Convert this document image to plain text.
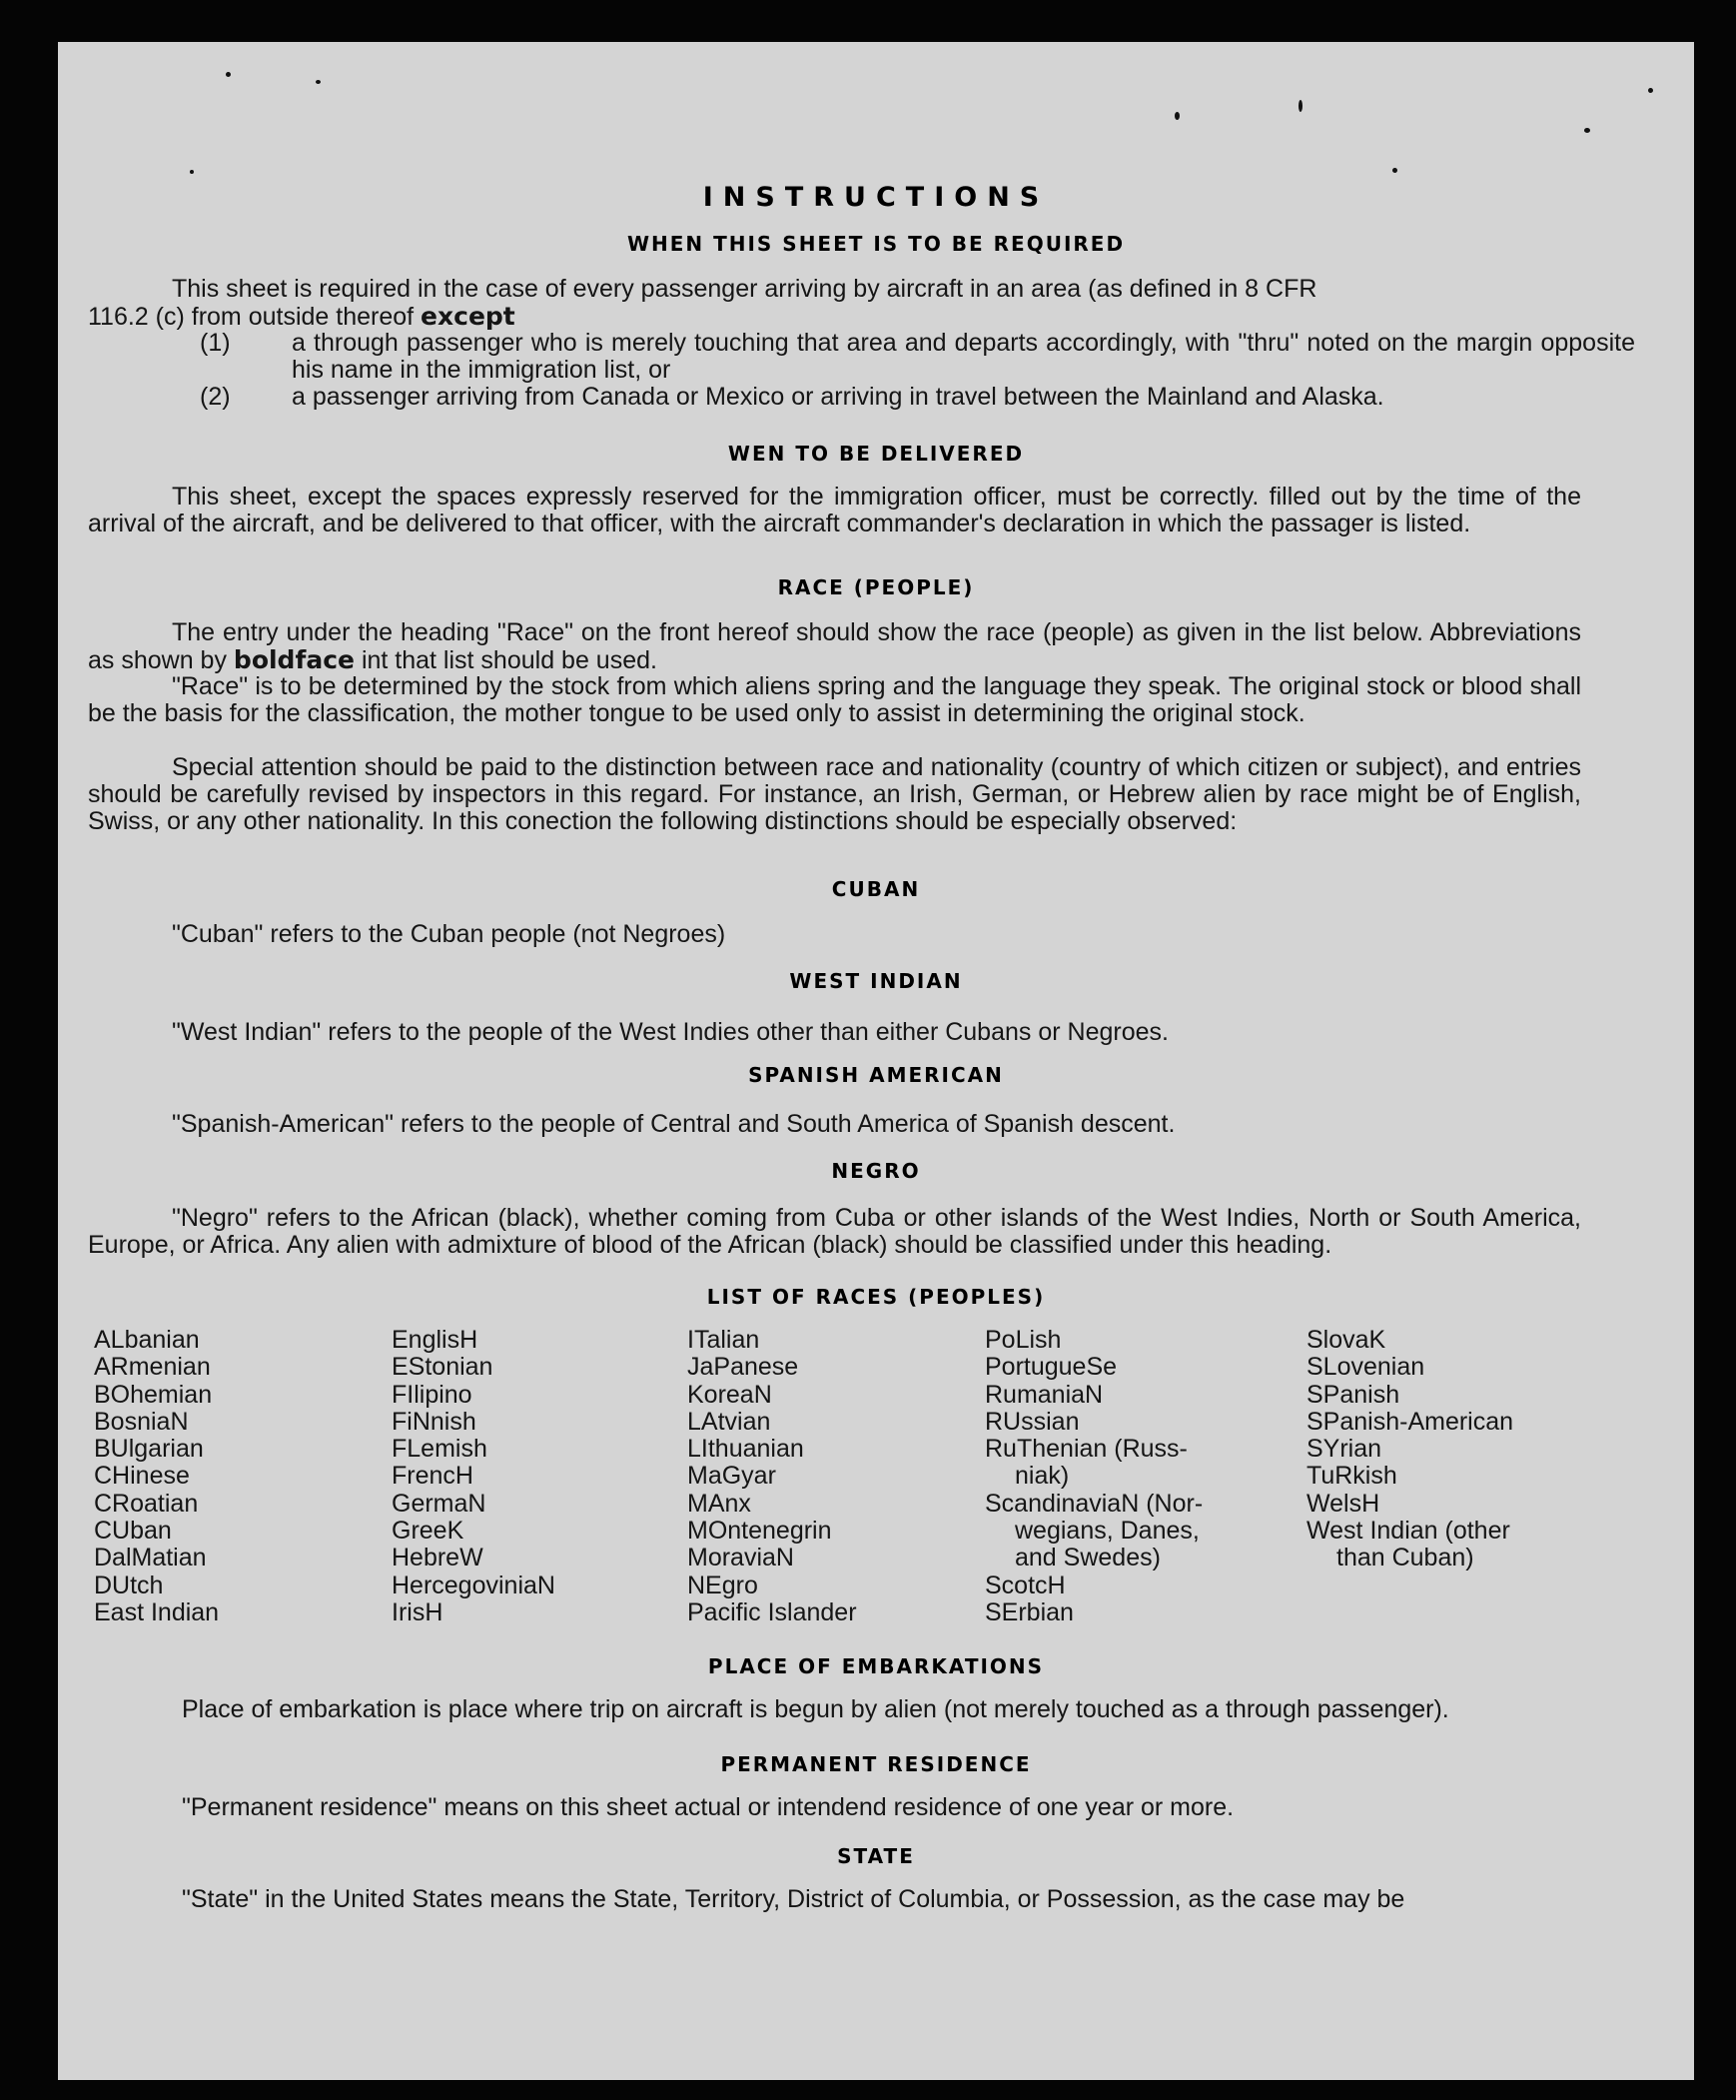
INSTRUCTIONS
WHEN THIS SHEET IS TO BE REQUIRED
This sheet is required in the case of every passenger arriving by aircraft in an area (as defined in 8 CFR
116.2 (c) from outside thereof except
(1) a through passenger who is merely touching that area and departs accordingly, with "thru" noted on the margin opposite his name in the immigration list, or
(2) a passenger arriving from Canada or Mexico or arriving in travel between the Mainland and Alaska.
WEN TO BE DELIVERED
This sheet, except the spaces expressly reserved for the immigration officer, must be correctly. filled out by the time of the arrival of the aircraft, and be delivered to that officer, with the aircraft commander's declaration in which the passager is listed.
RACE (PEOPLE)
The entry under the heading "Race" on the front hereof should show the race (people) as given in the list below. Abbreviations as shown by boldface int that list should be used.
"Race" is to be determined by the stock from which aliens spring and the language they speak. The original stock or blood shall be the basis for the classification, the mother tongue to be used only to assist in determining the original stock.
Special attention should be paid to the distinction between race and nationality (country of which citizen or subject), and entries should be carefully revised by inspectors in this regard. For instance, an Irish, German, or Hebrew alien by race might be of English, Swiss, or any other nationality. In this conection the following distinctions should be especially observed:
CUBAN
"Cuban" refers to the Cuban people (not Negroes)
WEST INDIAN
"West Indian" refers to the people of the West Indies other than either Cubans or Negroes.
SPANISH AMERICAN
"Spanish-American" refers to the people of Central and South America of Spanish descent.
NEGRO
"Negro" refers to the African (black), whether coming from Cuba or other islands of the West Indies, North or South America, Europe, or Africa. Any alien with admixture of blood of the African (black) should be classified under this heading.
LIST OF RACES (PEOPLES)
ALbanian
ARmenian
BOhemian
BosniaN
BUlgarian
CHinese
CRoatian
CUban
DalMatian
DUtch
East Indian
EnglisH
EStonian
FIlipino
FiNnish
FLemish
FrencH
GermaN
GreeK
HebreW
HercegoviniaN
IrisH
ITalian
JaPanese
KoreaN
LAtvian
LIthuanian
MaGyar
MAnx
MOntenegrin
MoraviaN
NEgro
Pacific Islander
PoLish
PortugueSe
RumaniaN
RUssian
RuThenian (Russ-
niak)
ScandinaviaN (Nor-
wegians, Danes,
and Swedes)
ScotcH
SErbian
SlovaK
SLovenian
SPanish
SPanish-American
SYrian
TuRkish
WelsH
West Indian (other
than Cuban)
PLACE OF EMBARKATIONS
Place of embarkation is place where trip on aircraft is begun by alien (not merely touched as a through passenger).
PERMANENT RESIDENCE
"Permanent residence" means on this sheet actual or intendend residence of one year or more.
STATE
"State" in the United States means the State, Territory, District of Columbia, or Possession, as the case may be
